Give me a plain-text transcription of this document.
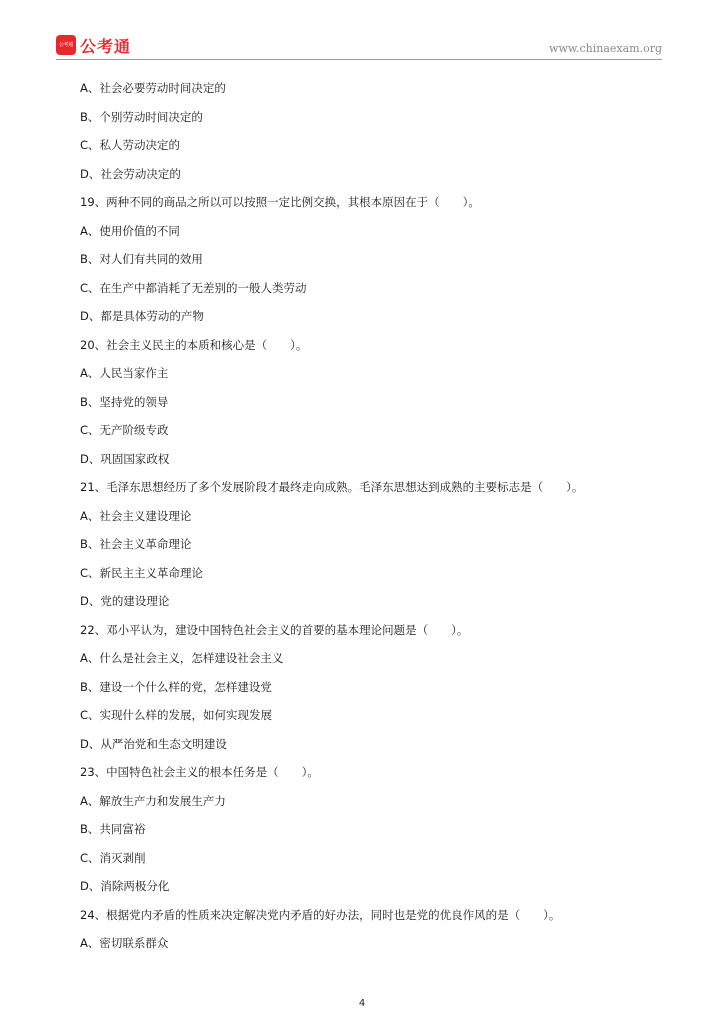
公考通 公考通	www.chinaexam.org
A、社会必要劳动时间决定的
B、个别劳动时间决定的
C、私人劳动决定的
D、社会劳动决定的
19、两种不同的商品之所以可以按照一定比例交换，其根本原因在于（　　）。
A、使用价值的不同
B、对人们有共同的效用
C、在生产中都消耗了无差别的一般人类劳动
D、都是具体劳动的产物
20、社会主义民主的本质和核心是（　　）。
A、人民当家作主
B、坚持党的领导
C、无产阶级专政
D、巩固国家政权
21、毛泽东思想经历了多个发展阶段才最终走向成熟。毛泽东思想达到成熟的主要标志是（　　）。
A、社会主义建设理论
B、社会主义革命理论
C、新民主主义革命理论
D、党的建设理论
22、邓小平认为，建设中国特色社会主义的首要的基本理论问题是（　　）。
A、什么是社会主义，怎样建设社会主义
B、建设一个什么样的党，怎样建设党
C、实现什么样的发展，如何实现发展
D、从严治党和生态文明建设
23、中国特色社会主义的根本任务是（　　）。
A、解放生产力和发展生产力
B、共同富裕
C、消灭剥削
D、消除两极分化
24、根据党内矛盾的性质来决定解决党内矛盾的好办法，同时也是党的优良作风的是（　　）。
A、密切联系群众
4
